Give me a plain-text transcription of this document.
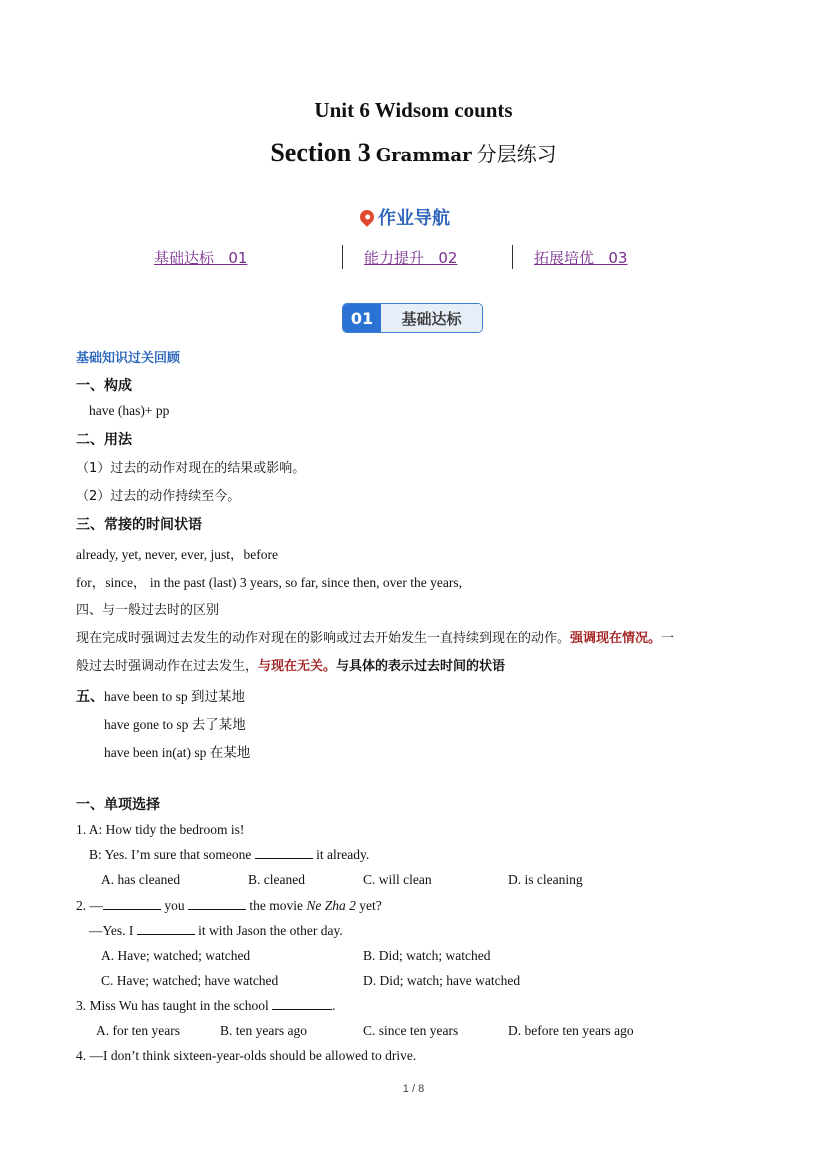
Unit 6 Widsom counts
Section 3 Grammar 分层练习
作业导航
基础达标 01	能力提升 02	拓展培优 03
01	基础达标
基础知识过关回顾
一、构成
have (has)+ pp
二、用法
（1）过去的动作对现在的结果或影响。
（2）过去的动作持续至今。
三、常接的时间状语
already, yet, never, ever, just，before
for，since， in the past (last) 3 years, so far, since then, over the years,
四、与一般过去时的区别
现在完成时强调过去发生的动作对现在的影响或过去开始发生一直持续到现在的动作。强调现在情况。一
般过去时强调动作在过去发生，与现在无关。与具体的表示过去时间的状语
五、have been to sp 到过某地
have gone to sp 去了某地
have been in(at) sp 在某地
一、单项选择
1. A: How tidy the bedroom is!
B: Yes. I’m sure that someone	it already.
A. has cleaned	B. cleaned	C. will clean	D. is cleaning
2. —	you	the movie Ne Zha 2 yet?
—Yes. I	it with Jason the other day.
A. Have; watched; watched	B. Did; watch; watched
C. Have; watched; have watched	D. Did; watch; have watched
3. Miss Wu has taught in the school	.
A. for ten years	B. ten years ago	C. since ten years	D. before ten years ago
4. —I don’t think sixteen-year-olds should be allowed to drive.
1 / 8
